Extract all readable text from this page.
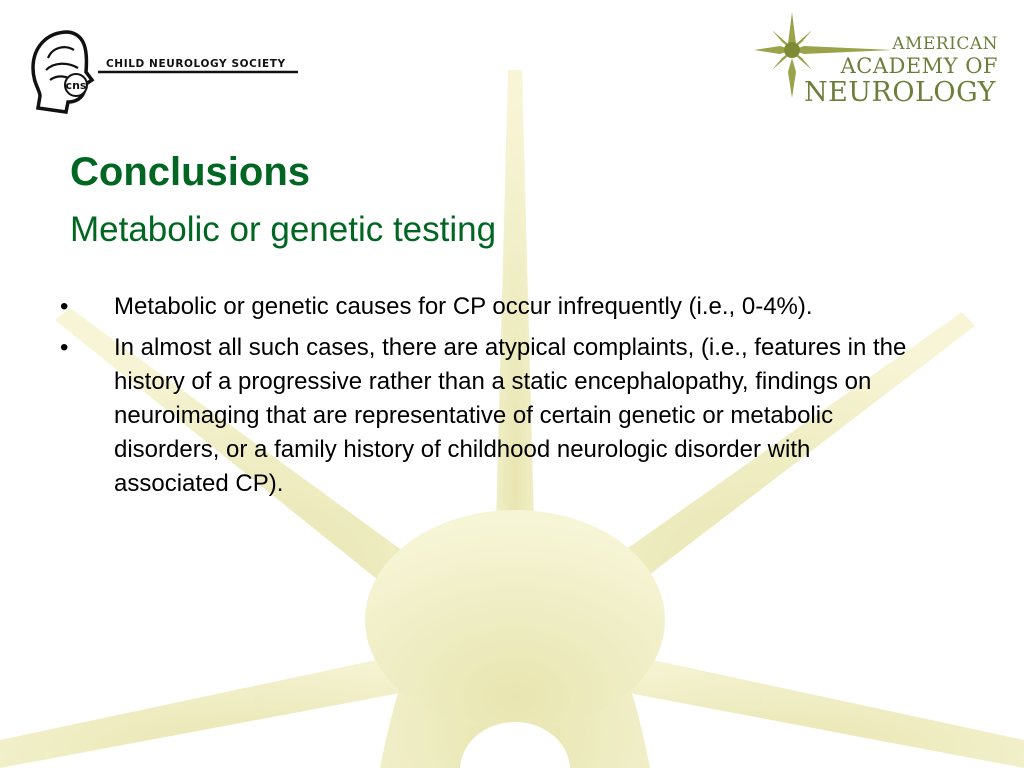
cns
CHILD NEUROLOGY SOCIETY
AMERICAN
ACADEMY OF
NEUROLOGY
Conclusions
Metabolic or genetic testing
• Metabolic or genetic causes for CP occur infrequently (i.e., 0-4%).
• In almost all such cases, there are atypical complaints, (i.e., features in the history of a progressive rather than a static encephalopathy, findings on neuroimaging that are representative of certain genetic or metabolic disorders, or a family history of childhood neurologic disorder with associated CP).
